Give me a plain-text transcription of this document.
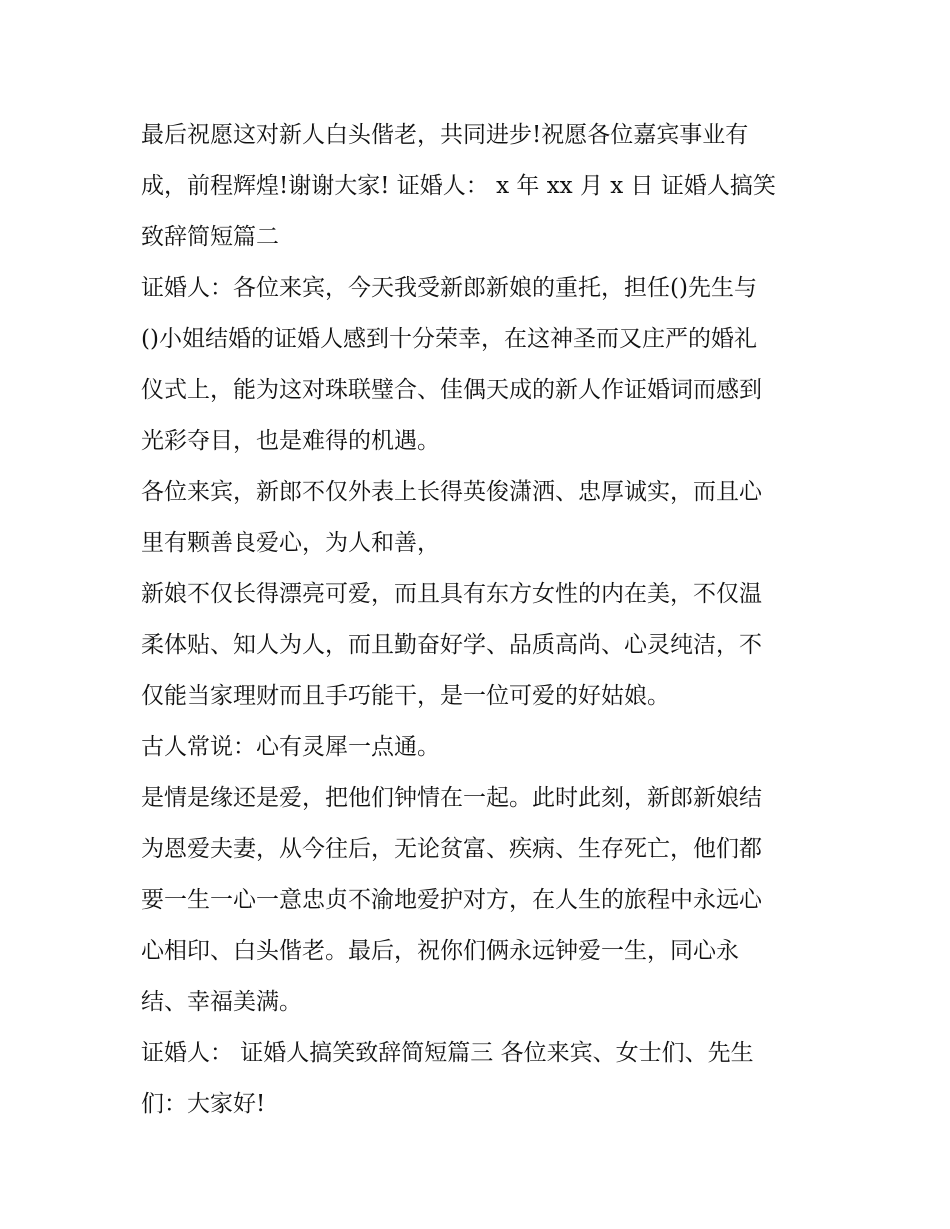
最后祝愿这对新人白头偕老，共同进步!祝愿各位嘉宾事业有
成，前程辉煌!谢谢大家! 证婚人： x 年 xx 月 x 日 证婚人搞笑
致辞简短篇二
证婚人：各位来宾，今天我受新郎新娘的重托，担任()先生与
()小姐结婚的证婚人感到十分荣幸，在这神圣而又庄严的婚礼
仪式上，能为这对珠联璧合、佳偶天成的新人作证婚词而感到
光彩夺目，也是难得的机遇。
各位来宾，新郎不仅外表上长得英俊潇洒、忠厚诚实，而且心
里有颗善良爱心，为人和善，
新娘不仅长得漂亮可爱，而且具有东方女性的内在美，不仅温
柔体贴、知人为人，而且勤奋好学、品质高尚、心灵纯洁，不
仅能当家理财而且手巧能干，是一位可爱的好姑娘。
古人常说：心有灵犀一点通。
是情是缘还是爱，把他们钟情在一起。此时此刻，新郎新娘结
为恩爱夫妻，从今往后，无论贫富、疾病、生存死亡，他们都
要一生一心一意忠贞不渝地爱护对方，在人生的旅程中永远心
心相印、白头偕老。最后，祝你们俩永远钟爱一生，同心永
结、幸福美满。
证婚人： 证婚人搞笑致辞简短篇三 各位来宾、女士们、先生
们：大家好!
